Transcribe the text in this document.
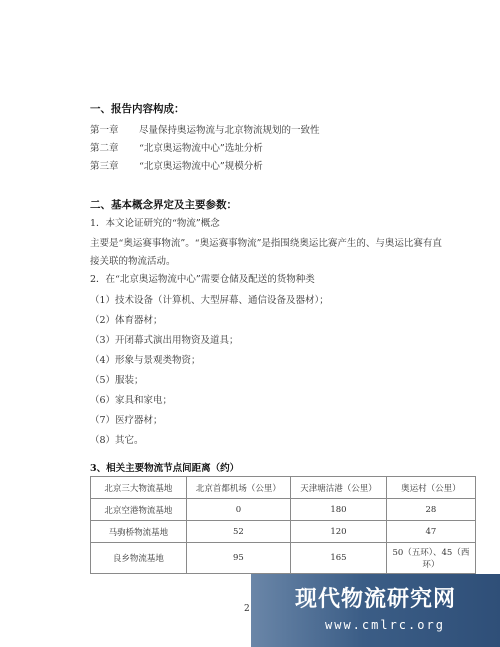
一、报告内容构成：
第一章 尽量保持奥运物流与北京物流规划的一致性
第二章 “北京奥运物流中心”选址分析
第三章 “北京奥运物流中心”规模分析
二、基本概念界定及主要参数：
1．本文论证研究的“物流”概念
主要是“奥运赛事物流”。“奥运赛事物流”是指围绕奥运比赛产生的、与奥运比赛有直
接关联的物流活动。
2．在“北京奥运物流中心”需要仓储及配送的货物种类
（1）技术设备（计算机、大型屏幕、通信设备及器材）；
（2）体育器材；
（3）开闭幕式演出用物资及道具；
（4）形象与景观类物资；
（5）服装；
（6）家具和家电；
（7）医疗器材；
（8）其它。
3、相关主要物流节点间距离（约）
北京三大物流基地	北京首都机场（公里）	天津塘沽港（公里）	奥运村（公里）
北京空港物流基地	0	180	28
马驹桥物流基地	52	120	47
良乡物流基地	95	165	50（五环）、45（西环）
2 现代物流研究网
www.cmlrc.org
